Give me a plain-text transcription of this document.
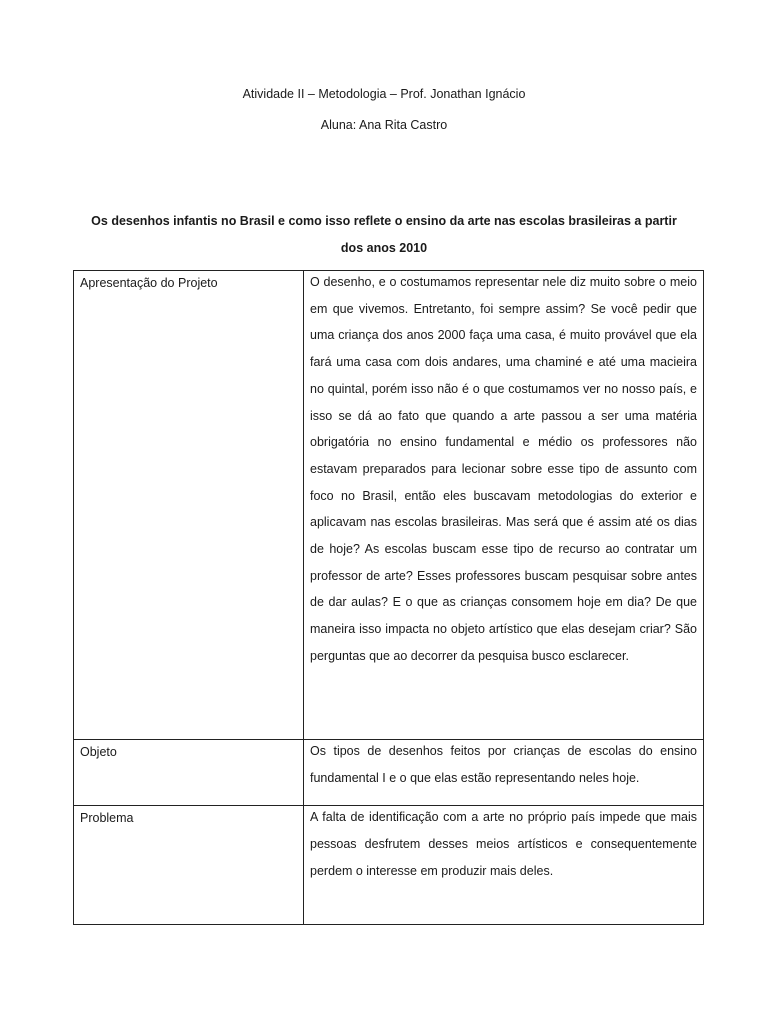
Atividade II – Metodologia – Prof. Jonathan Ignácio
Aluna: Ana Rita Castro
Os desenhos infantis no Brasil e como isso reflete o ensino da arte nas escolas brasileiras a partir dos anos 2010
Apresentação do Projeto	O desenho, e o costumamos representar nele diz muito sobre o meio em que vivemos. Entretanto, foi sempre assim? Se você pedir que uma criança dos anos 2000 faça uma casa, é muito provável que ela fará uma casa com dois andares, uma chaminé e até uma macieira no quintal, porém isso não é o que costumamos ver no nosso país, e isso se dá ao fato que quando a arte passou a ser uma matéria obrigatória no ensino fundamental e médio os professores não estavam preparados para lecionar sobre esse tipo de assunto com foco no Brasil, então eles buscavam metodologias do exterior e aplicavam nas escolas brasileiras. Mas será que é assim até os dias de hoje? As escolas buscam esse tipo de recurso ao contratar um professor de arte? Esses professores buscam pesquisar sobre antes de dar aulas? E o que as crianças consomem hoje em dia? De que maneira isso impacta no objeto artístico que elas desejam criar? São perguntas que ao decorrer da pesquisa busco esclarecer.

Objeto	Os tipos de desenhos feitos por crianças de escolas do ensino fundamental I e o que elas estão representando neles hoje.

Problema	A falta de identificação com a arte no próprio país impede que mais pessoas desfrutem desses meios artísticos e consequentemente perdem o interesse em produzir mais deles.
